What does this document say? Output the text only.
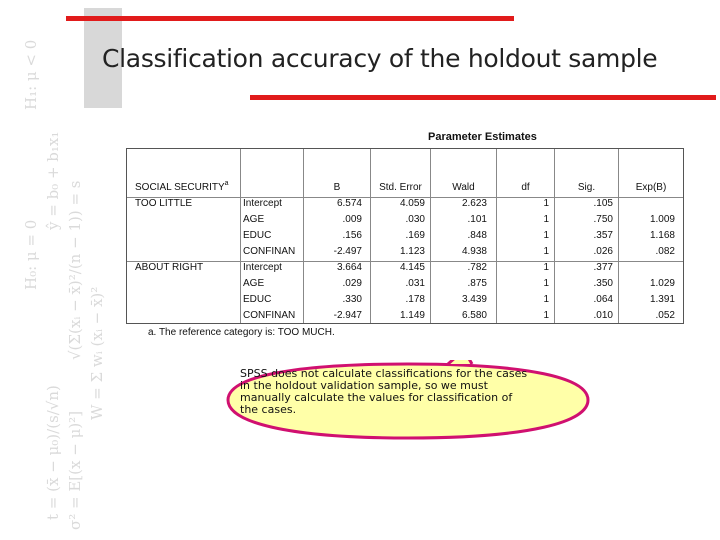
H₁: μ < 0
ŷ = b₀ + b₁x₁ √(Σ(xᵢ − x̄)²/(n − 1)) = s W = Σ wᵢ (xᵢ − x̄)²
H₀: μ = 0
t = (x̄ − μ₀)/(s/√n) σ² = E[(x − μ)²]
Classification accuracy of the holdout sample
Parameter Estimates
SOCIAL SECURITY$^a$	B	Std. Error	Wald	df	Sig.	Exp(B)
TOO LITTLE	Intercept	6.574	4.059	2.623	1	.105
AGE	.009	.030	.101	1	.750	1.009
EDUC	.156	.169	.848	1	.357	1.168
CONFINAN	-2.497	1.123	4.938	1	.026	.082
ABOUT RIGHT	Intercept	3.664	4.145	.782	1	.377
AGE	.029	.031	.875	1	.350	1.029
EDUC	.330	.178	3.439	1	.064	1.391
CONFINAN	-2.947	1.149	6.580	1	.010	.052
a. The reference category is: TOO MUCH.
SPSS does not calculate classifications for the cases in the holdout validation sample, so we must manually calculate the values for classification of the cases.
